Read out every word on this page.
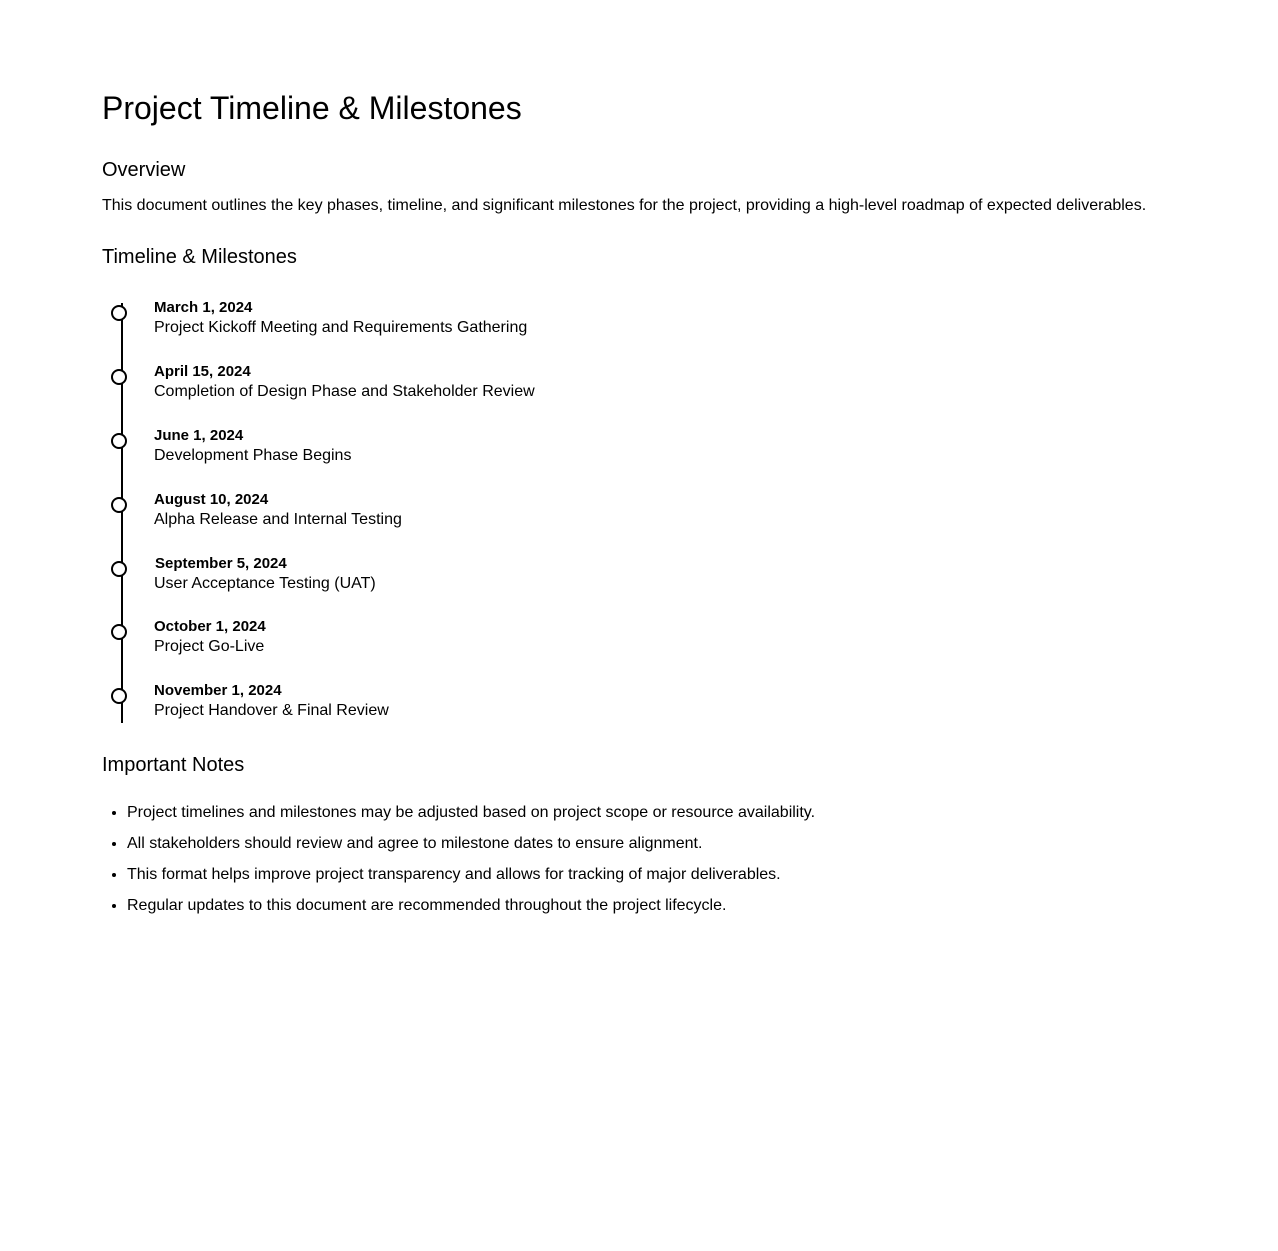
Project Timeline & Milestones
Overview

This document outlines the key phases, timeline, and significant milestones for the project, providing a high-level roadmap of expected deliverables.

Timeline & Milestones
March 1, 2024
Project Kickoff Meeting and Requirements Gathering
April 15, 2024
Completion of Design Phase and Stakeholder Review
June 1, 2024
Development Phase Begins
August 10, 2024
Alpha Release and Internal Testing
September 5, 2024
User Acceptance Testing (UAT)
October 1, 2024
Project Go-Live
November 1, 2024
Project Handover & Final Review
Important Notes
• Project timelines and milestones may be adjusted based on project scope or resource availability.
• All stakeholders should review and agree to milestone dates to ensure alignment.
• This format helps improve project transparency and allows for tracking of major deliverables.
• Regular updates to this document are recommended throughout the project lifecycle.
